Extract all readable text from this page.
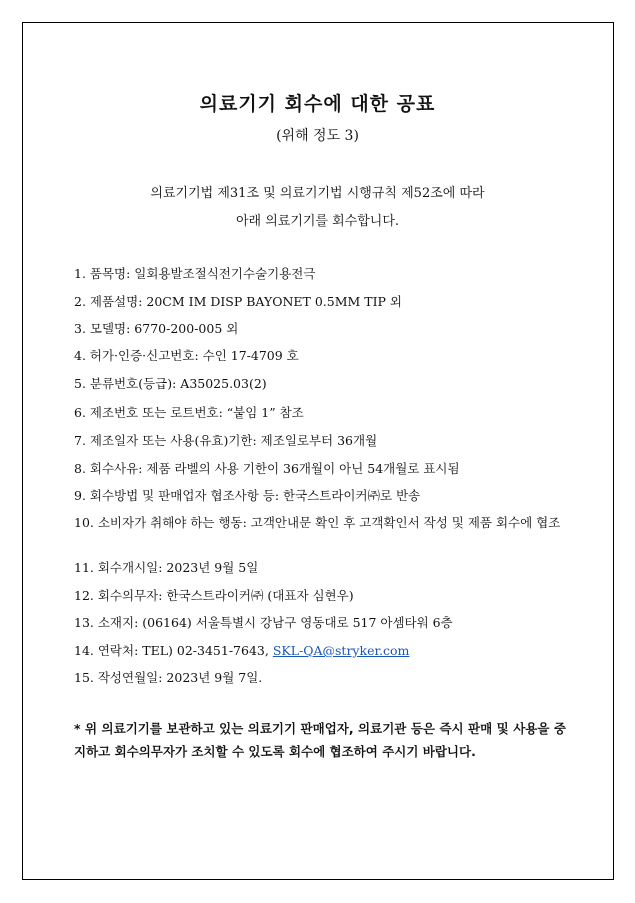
의료기기 회수에 대한 공표
(위해 정도 3)
의료기기법 제31조 및 의료기기법 시행규칙 제52조에 따라
아래 의료기기를 회수합니다.
1. 품목명: 일회용발조절식전기수술기용전극
2. 제품설명: 20CM IM DISP BAYONET 0.5MM TIP 외
3. 모델명: 6770-200-005 외
4. 허가·인증·신고번호: 수인 17-4709 호
5. 분류번호(등급): A35025.03(2)
6. 제조번호 또는 로트번호: “붙임 1” 참조
7. 제조일자 또는 사용(유효)기한: 제조일로부터 36개월
8. 회수사유: 제품 라벨의 사용 기한이 36개월이 아닌 54개월로 표시됨
9. 회수방법 및 판매업자 협조사항 등: 한국스트라이커㈜로 반송
10. 소비자가 취해야 하는 행동: 고객안내문 확인 후 고객확인서 작성 및 제품 회수에 협조
11. 회수개시일: 2023년 9월 5일
12. 회수의무자: 한국스트라이커㈜ (대표자 심현우)
13. 소재지: (06164) 서울특별시 강남구 영동대로 517 아셈타워 6층
14. 연락처: TEL) 02-3451-7643, SKL-QA@stryker.com
15. 작성연월일: 2023년 9월 7일.
* 위 의료기기를 보관하고 있는 의료기기 판매업자, 의료기관 등은 즉시 판매 및 사용을 중지하고 회수의무자가 조치할 수 있도록 회수에 협조하여 주시기 바랍니다.
